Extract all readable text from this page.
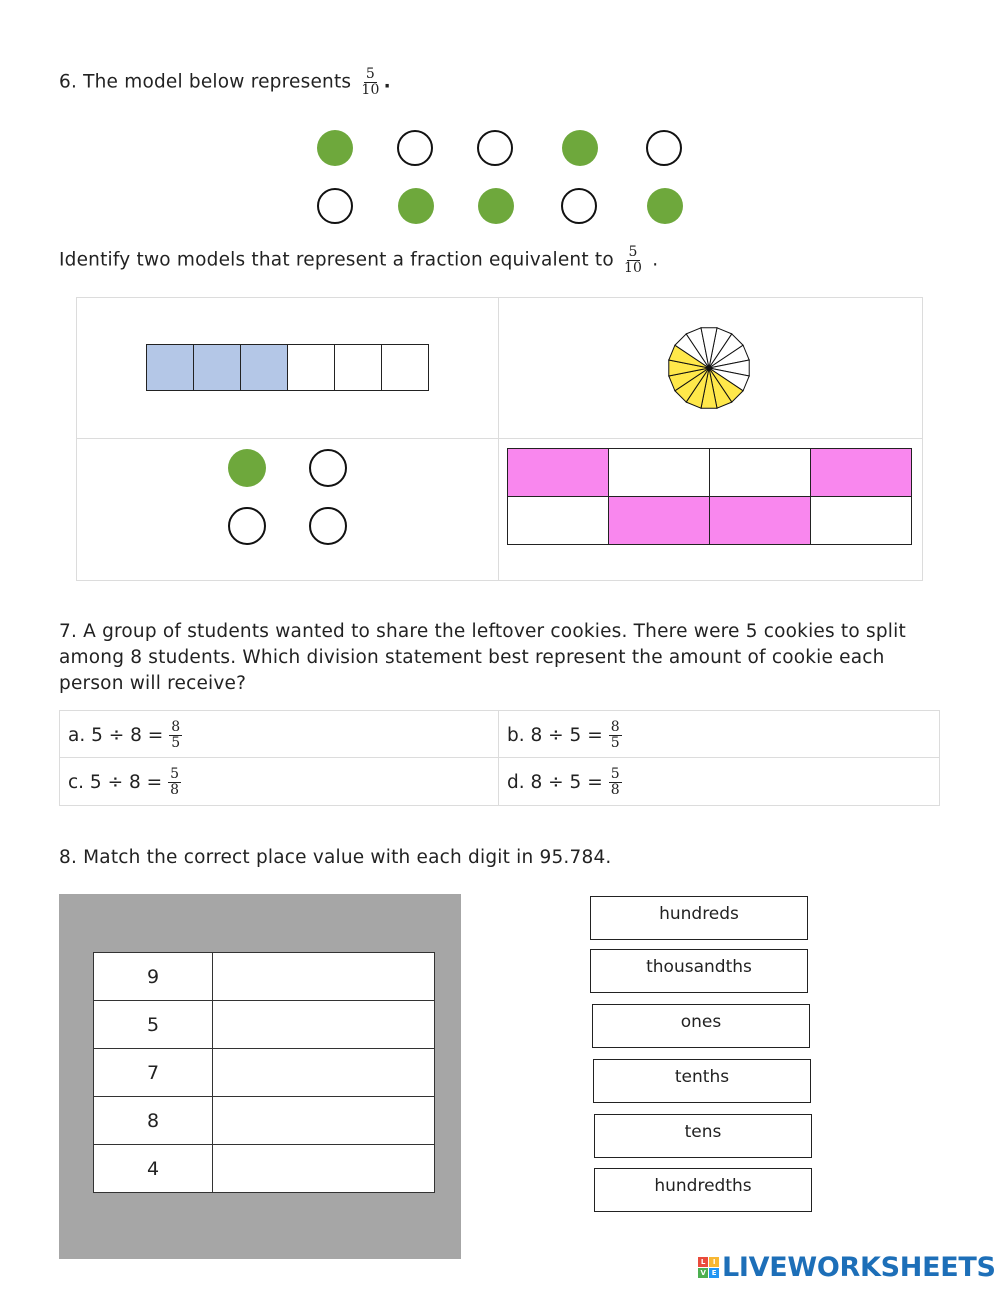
6. The model below represents $\frac{5}{10}$ .
Identify two models that represent a fraction equivalent to $\frac{5}{10}$ .
7. A group of students wanted to share the leftover cookies. There were 5 cookies to split among 8 students. Which division statement best represent the amount of cookie each person will receive?
a. $5 \div 8 = \frac{8}{5}$	b. $8 \div 5 = \frac{8}{5}$
c. $5 \div 8 = \frac{5}{8}$	d. $8 \div 5 = \frac{5}{8}$
8. Match the correct place value with each digit in 95.784.
9	
5	
7	
8	
4	
hundreds
thousandths
ones
tenths
tens
hundredths
L	I
V E LIVEWORKSHEETS
